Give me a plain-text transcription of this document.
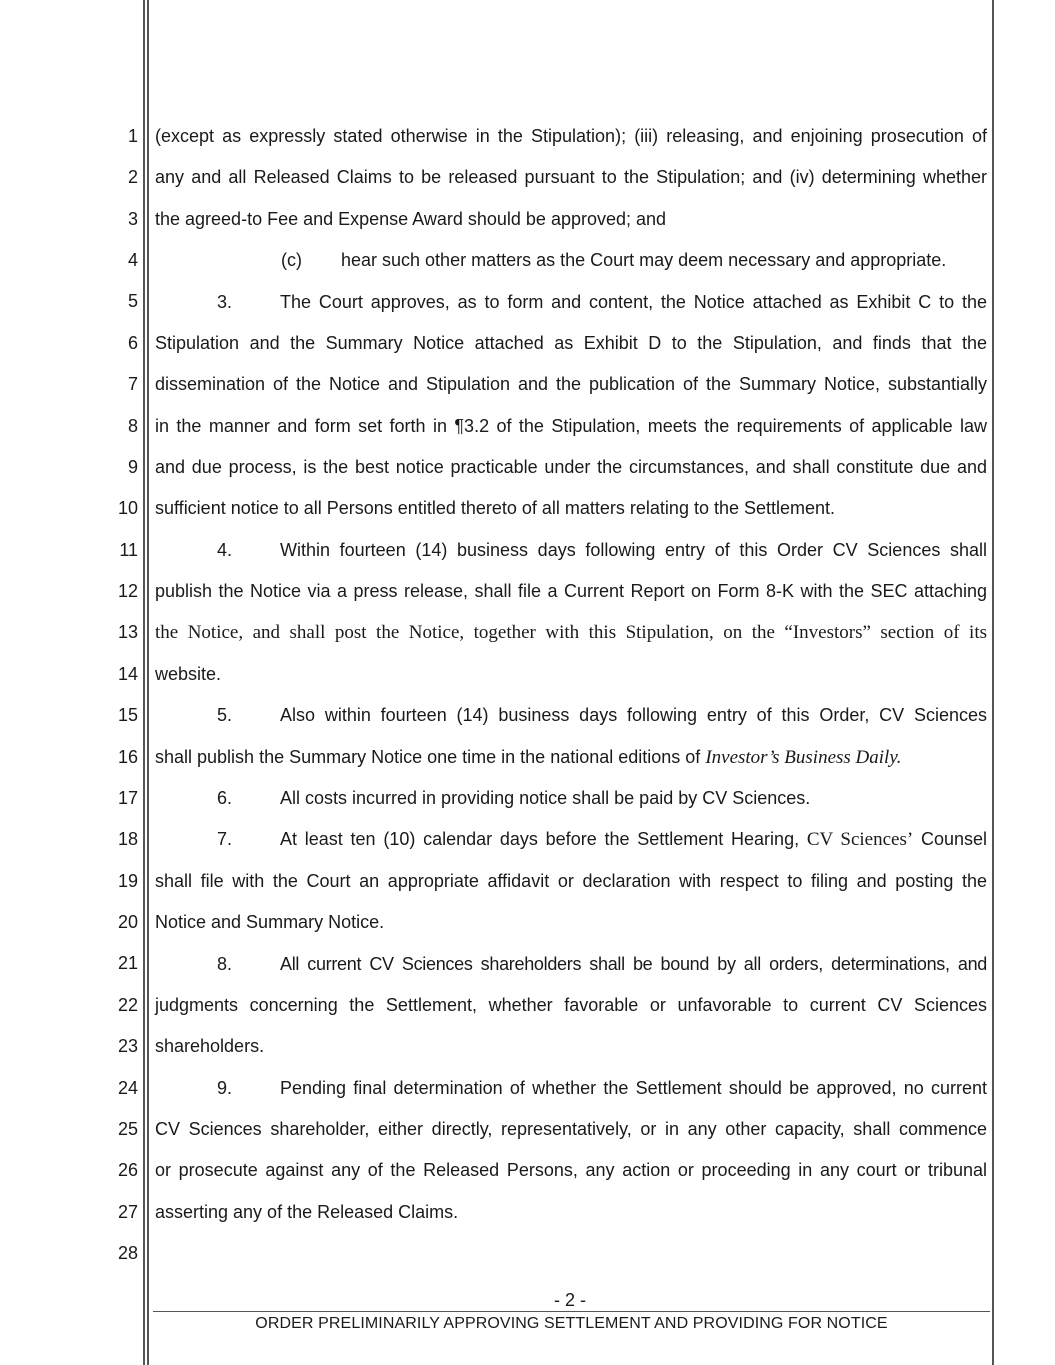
1
2
3
4
5
6
7
8
9
10
11
12
13
14
15
16
17
18
19
20
21
22
23
24
25
26
27
28
(except as expressly stated otherwise in the Stipulation); (iii) releasing, and enjoining prosecution of
any and all Released Claims to be released pursuant to the Stipulation; and (iv) determining whether
the agreed-to Fee and Expense Award should be approved; and
(c) hear such other matters as the Court may deem necessary and appropriate.
3.	The Court approves, as to form and content, the Notice attached as Exhibit C to the
Stipulation and the Summary Notice attached as Exhibit D to the Stipulation, and finds that the
dissemination of the Notice and Stipulation and the publication of the Summary Notice, substantially
in the manner and form set forth in ¶3.2 of the Stipulation, meets the requirements of applicable law
and due process, is the best notice practicable under the circumstances, and shall constitute due and
sufficient notice to all Persons entitled thereto of all matters relating to the Settlement.
4.	Within fourteen (14) business days following entry of this Order CV Sciences shall
publish the Notice via a press release, shall file a Current Report on Form 8-K with the SEC attaching
the Notice, and shall post the Notice, together with this Stipulation, on the “Investors” section of its
website.
5.	Also within fourteen (14) business days following entry of this Order, CV Sciences
shall publish the Summary Notice one time in the national editions of Investor’s Business Daily.
6.	All costs incurred in providing notice shall be paid by CV Sciences.
7.	At least ten (10) calendar days before the Settlement Hearing, CV Sciences’ Counsel
shall file with the Court an appropriate affidavit or declaration with respect to filing and posting the
Notice and Summary Notice.
8.	All current CV Sciences shareholders shall be bound by all orders, determinations, and
judgments concerning the Settlement, whether favorable or unfavorable to current CV Sciences
shareholders.
9.	Pending final determination of whether the Settlement should be approved, no current
CV Sciences shareholder, either directly, representatively, or in any other capacity, shall commence
or prosecute against any of the Released Persons, any action or proceeding in any court or tribunal
asserting any of the Released Claims.
- 2 -
ORDER PRELIMINARILY APPROVING SETTLEMENT AND PROVIDING FOR NOTICE
